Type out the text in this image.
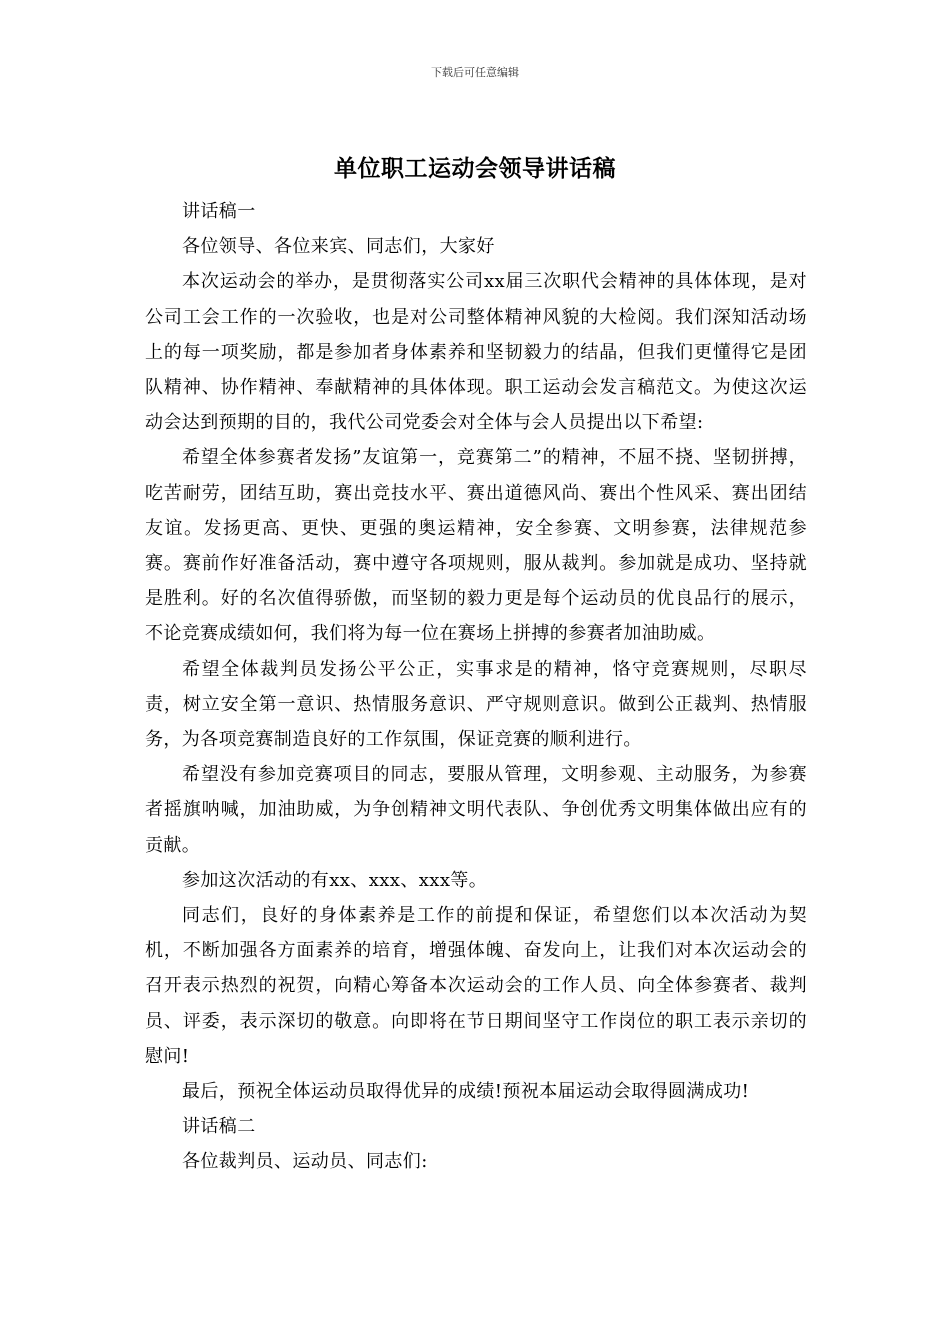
下载后可任意编辑
单位职工运动会领导讲话稿

讲话稿一

各位领导、各位来宾、同志们，大家好

本次运动会的举办，是贯彻落实公司xx届三次职代会精神的具体体现，是对公司工会工作的一次验收，也是对公司整体精神风貌的大检阅。我们深知活动场上的每一项奖励，都是参加者身体素养和坚韧毅力的结晶，但我们更懂得它是团队精神、协作精神、奉献精神的具体体现。职工运动会发言稿范文。为使这次运动会达到预期的目的，我代公司党委会对全体与会人员提出以下希望:

希望全体参赛者发扬”友谊第一，竞赛第二”的精神，不屈不挠、坚韧拼搏，吃苦耐劳，团结互助，赛出竞技水平、赛出道德风尚、赛出个性风采、赛出团结友谊。发扬更高、更快、更强的奥运精神，安全参赛、文明参赛，法律规范参赛。赛前作好准备活动，赛中遵守各项规则，服从裁判。参加就是成功、坚持就是胜利。好的名次值得骄傲，而坚韧的毅力更是每个运动员的优良品行的展示，不论竞赛成绩如何，我们将为每一位在赛场上拼搏的参赛者加油助威。

希望全体裁判员发扬公平公正，实事求是的精神，恪守竞赛规则，尽职尽责，树立安全第一意识、热情服务意识、严守规则意识。做到公正裁判、热情服务，为各项竞赛制造良好的工作氛围，保证竞赛的顺利进行。

希望没有参加竞赛项目的同志，要服从管理，文明参观、主动服务，为参赛者摇旗呐喊，加油助威，为争创精神文明代表队、争创优秀文明集体做出应有的贡献。

参加这次活动的有xx、xxx、xxx等。

同志们，良好的身体素养是工作的前提和保证，希望您们以本次活动为契机，不断加强各方面素养的培育，增强体魄、奋发向上，让我们对本次运动会的召开表示热烈的祝贺，向精心筹备本次运动会的工作人员、向全体参赛者、裁判员、评委，表示深切的敬意。向即将在节日期间坚守工作岗位的职工表示亲切的慰问!

最后，预祝全体运动员取得优异的成绩!预祝本届运动会取得圆满成功!

讲话稿二

各位裁判员、运动员、同志们:
